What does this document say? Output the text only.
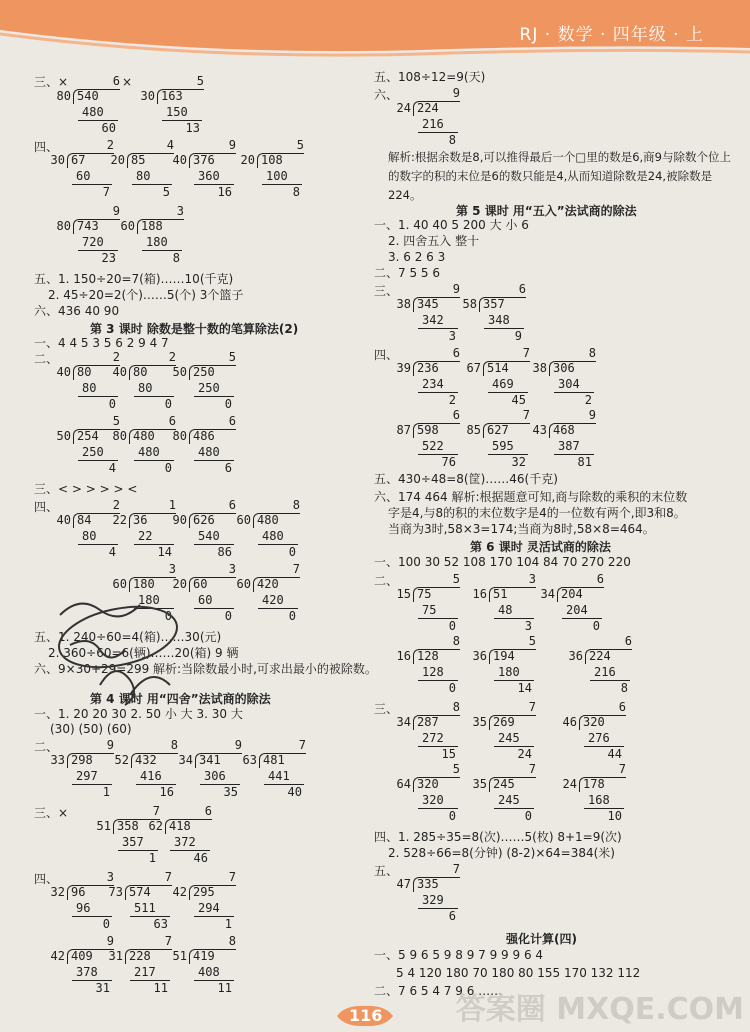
RJ · 数学 · 四年级 · 上
三、×	×
6
80 540
480
60
5
30 163
150
13
四、	2
30 67
60
7
4
20 85
80
5
9
40 376
360
16
5
20 108
100
8
9
80 743
720
23
3
60 188
180
8
五、1. 150÷20=7(箱)……10(千克)
2. 45÷20=2(个)……5(个) 3个篮子
六、436 40 90
第 3 课时 除数是整十数的笔算除法(2)
一、4 4 5 3 5 6 2 9 4 7
二、	2
40 80
80
0
2
40 80
80
0
5
50 250
250
0
5
50 254
250
4
6
80 480
480
0
6
80 486
480
6
三、< > > > > <
四、	2
40 84
80
4
1
22 36
22
14
6
90 626
540
86
8
60 480
480
0
3
60 180
180
0
3
20 60
60
0
7
60 420
420
0
五、1. 240÷60=4(箱)……30(元)
2. 360÷60=6(辆)……20(箱) 9 辆
六、9×30+29=299 解析:当除数最小时,可求出最小的被除数。
第 4 课时 用“四舍”法试商的除法
一、1. 20 20 30 2. 50 小 大 3. 30 大
(30) (50) (60)
二、	9
33 298
297
1
8
52 432
416
16
9
34 341
306
35
7
63 481
441
40
三、×	7
51 358
357
1
6
62 418
372
46
四、	3
32 96
96
0
7
73 574
511
63
7
42 295
294
1
9
42 409
378
31
7
31 228
217
11
8
51 419
408
11
五、108÷12=9(天)
六、	9
24 224
216
8
解析:根据余数是8,可以推得最后一个□里的数是6,商9与除数个位上的数字的积的末位是6的数只能是4,从而知道除数是24,被除数是224。
第 5 课时 用“五入”法试商的除法
一、1. 40 40 5 200 大 小 6
2. 四舍五入 整十
3. 6 2 6 3
二、7 5 5 6
三、	9
38 345
342
3
6
58 357
348
9
四、	6
39 236
234
2
7
67 514
469
45
8
38 306
304
2
6
87 598
522
76
7
85 627
595
32
9
43 468
387
81
五、430÷48=8(筐)……46(千克)
六、174 464 解析:根据题意可知,商与除数的乘积的末位数
字是4,与8的积的末位数字是4的一位数有两个,即3和8。
当商为3时,58×3=174;当商为8时,58×8=464。
第 6 课时 灵活试商的除法
一、100 30 52 108 170 104 84 70 270 220
二、	5
15 75
75
0
3
16 51
48
3
6
34 204
204
0
8
16 128
128
0
5
36 194
180
14
6
36 224
216
8
三、	8
34 287
272
15
7
35 269
245
24
6
46 320
276
44
5
64 320
320
0
7
35 245
245
0
7
24 178
168
10
四、1. 285÷35=8(次)……5(枚) 8+1=9(次)
2. 528÷66=8(分钟) (8-2)×64=384(米)
五、	7
47 335
329
6
强化计算(四)
一、5 9 6 5 9 8 9 7 9 9 9 6 4
5 4 120 180 70 180 80 155 170 132 112
二、7 6 5 4 7 9 6 ……
116 答案圈 MXQE.COM
